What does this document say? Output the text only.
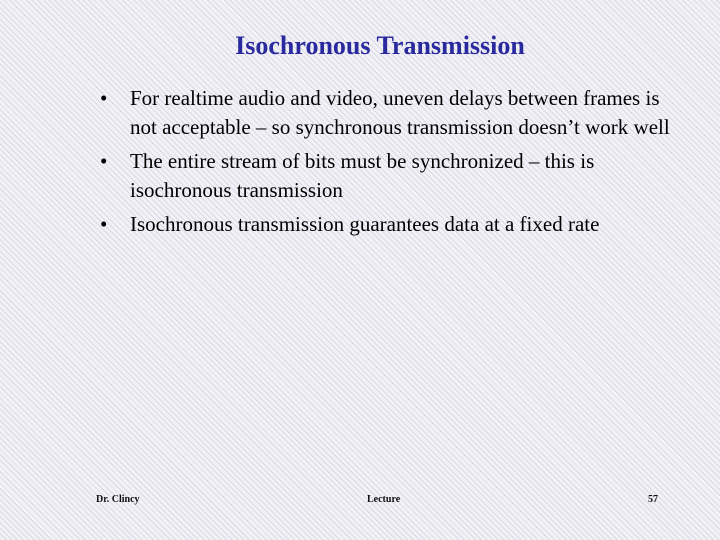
Isochronous Transmission
•	For realtime audio and video, uneven delays between frames is not acceptable – so synchronous transmission doesn’t work well
•	The entire stream of bits must be synchronized – this is isochronous transmission
•	Isochronous transmission guarantees data at a fixed rate
Dr. Clincy	Lecture	57
